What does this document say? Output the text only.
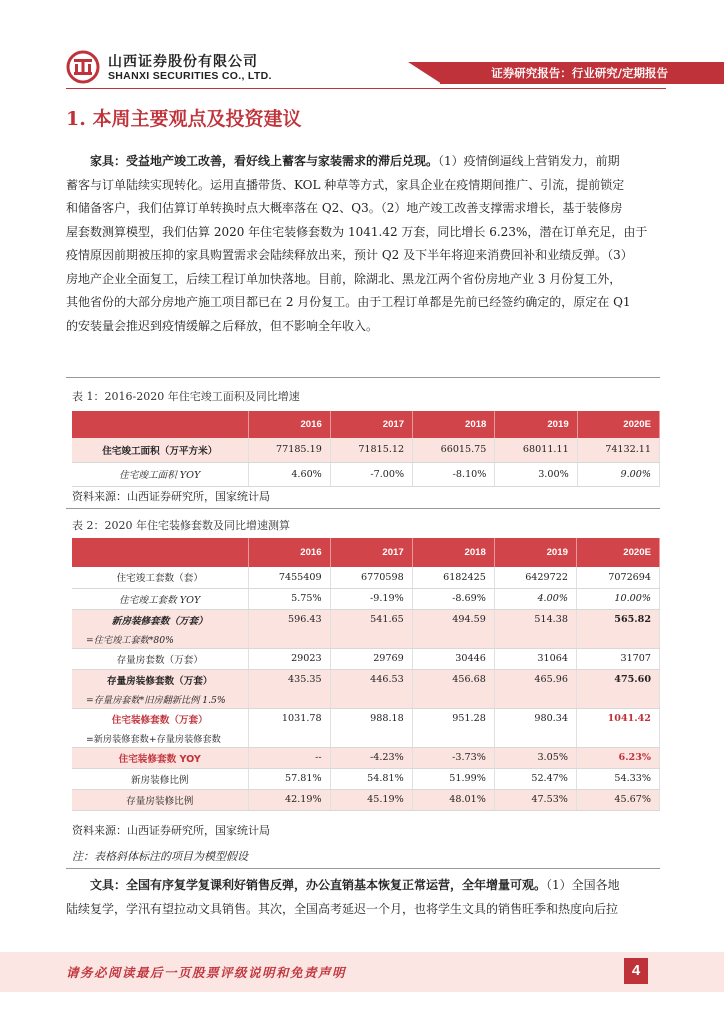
山西证券股份有限公司
SHANXI SECURITIES CO., LTD.	证券研究报告：行业研究/定期报告
1. 本周主要观点及投资建议
家具：受益地产竣工改善，看好线上蓄客与家装需求的滞后兑现。（1）疫情倒逼线上营销发力，前期
蓄客与订单陆续实现转化。运用直播带货、KOL 种草等方式，家具企业在疫情期间推广、引流，提前锁定
和储备客户，我们估算订单转换时点大概率落在 Q2、Q3。（2）地产竣工改善支撑需求增长，基于装修房
屋套数测算模型，我们估算 2020 年住宅装修套数为 1041.42 万套，同比增长 6.23%，潜在订单充足，由于
疫情原因前期被压抑的家具购置需求会陆续释放出来，预计 Q2 及下半年将迎来消费回补和业绩反弹。（3）
房地产企业全面复工，后续工程订单加快落地。目前，除湖北、黑龙江两个省份房地产业 3 月份复工外，
其他省份的大部分房地产施工项目都已在 2 月份复工。由于工程订单都是先前已经签约确定的，原定在 Q1
的安装量会推迟到疫情缓解之后释放，但不影响全年收入。
表 1：2016-2020 年住宅竣工面积及同比增速
	2016	2017	2018	2019	2020E
住宅竣工面积（万平方米）	77185.19	71815.12	66015.75	68011.11	74132.11
住宅竣工面积 YOY	4.60%	-7.00%	-8.10%	3.00%	9.00%
资料来源：山西证券研究所，国家统计局
表 2：2020 年住宅装修套数及同比增速测算
	2016	2017	2018	2019	2020E
住宅竣工套数（套）	7455409	6770598	6182425	6429722	7072694
住宅竣工套数 YOY	5.75%	-9.19%	-8.69%	4.00%	10.00%
新房装修套数（万套）	596.43	541.65	494.59	514.38	565.82
=住宅竣工套数*80%					
存量房套数（万套）	29023	29769	30446	31064	31707
存量房装修套数（万套）	435.35	446.53	456.68	465.96	475.60
=存量房套数*旧房翻新比例 1.5%					
住宅装修套数（万套）	1031.78	988.18	951.28	980.34	1041.42
=新房装修套数+存量房装修套数					
住宅装修套数 YOY	--	-4.23%	-3.73%	3.05%	6.23%
新房装修比例	57.81%	54.81%	51.99%	52.47%	54.33%
存量房装修比例	42.19%	45.19%	48.01%	47.53%	45.67%
资料来源：山西证券研究所，国家统计局
注：表格斜体标注的项目为模型假设
文具：全国有序复学复课利好销售反弹，办公直销基本恢复正常运营，全年增量可观。（1）全国各地
陆续复学，学汛有望拉动文具销售。其次，全国高考延迟一个月，也将学生文具的销售旺季和热度向后拉
请务必阅读最后一页股票评级说明和免责声明	4
